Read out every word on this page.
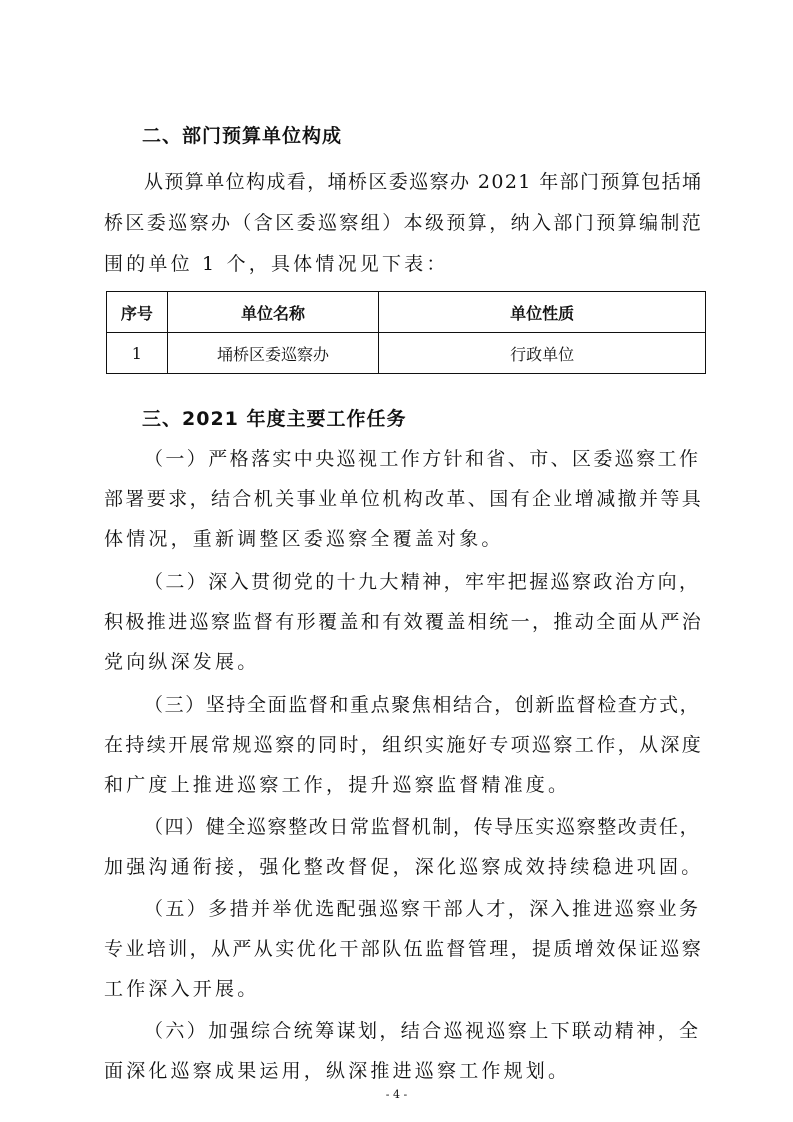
二、部门预算单位构成
从预算单位构成看，埇桥区委巡察办 2021 年部门预算包括埇
桥区委巡察办（含区委巡察组）本级预算，纳入部门预算编制范
围的单位 1 个，具体情况见下表：
序号	单位名称	单位性质
1	埇桥区委巡察办	行政单位
三、2021 年度主要工作任务
（一）严格落实中央巡视工作方针和省、市、区委巡察工作
部署要求，结合机关事业单位机构改革、国有企业增减撤并等具
体情况，重新调整区委巡察全覆盖对象。
（二）深入贯彻党的十九大精神，牢牢把握巡察政治方向，
积极推进巡察监督有形覆盖和有效覆盖相统一，推动全面从严治
党向纵深发展。
（三）坚持全面监督和重点聚焦相结合，创新监督检查方式，
在持续开展常规巡察的同时，组织实施好专项巡察工作，从深度
和广度上推进巡察工作，提升巡察监督精准度。
（四）健全巡察整改日常监督机制，传导压实巡察整改责任，
加强沟通衔接，强化整改督促，深化巡察成效持续稳进巩固。
（五）多措并举优选配强巡察干部人才，深入推进巡察业务
专业培训，从严从实优化干部队伍监督管理，提质增效保证巡察
工作深入开展。
（六）加强综合统筹谋划，结合巡视巡察上下联动精神，全
面深化巡察成果运用，纵深推进巡察工作规划。
- 4 -
